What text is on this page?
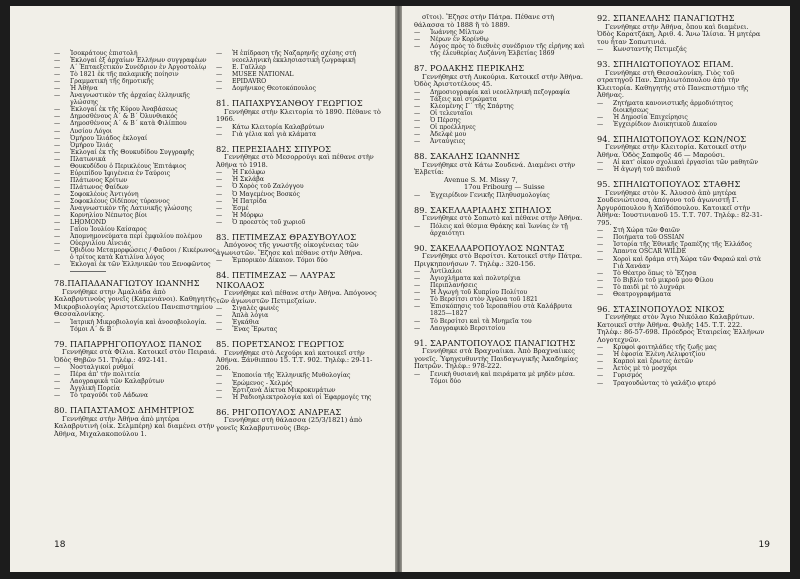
— Ἰσοκράτους ἐπιστολή
— Ἐκλογαί ἐξ ἀρχαίων Ἑλλήνων συγγραφέων
— Α΄ Ἐπταεξετικόν Συνέδριον ἐν Ἀργοστολίῳ
— Τὸ 1821 ἐκ τῆς παλαμικῆς ποίησιν
— Γραμματικὴ τῆς δημοτικῆς
— Ἡ Ἀθήνα
— Ἀναγνωστικὸν τῆς ἀρχαίας ἑλληνικῆς γλώσσης
— Ἐκλογαί ἐκ τῆς Κύρου Ἀναβάσεως
— Δημοσθένους Α΄ & Β΄ Ὀλυνθιακός
— Δημοσθένους Α΄ & Β΄ κατὰ Φιλίππου
— Λυσίου Λόγοι
— Ὁμήρου Ἰλιάδος ἐκλογαί
— Ὁμήρου Ἰλιάς
— Ἐκλογαί ἐκ τῆς Θουκυδίδου Συγγραφῆς
— Πλατωνικά
— Θουκυδίδου ὁ Περικλέους Ἐπιτάφιος
— Εὐριπίδου Ἰφιγένεια ἐν Ταύροις
— Πλάτωνος Κρίτων
— Πλάτωνος Φαίδων
— Σοφοκλέους Ἀντιγόνη
— Σοφοκλέους Οἰδίπους τύραννος
— Ἀναγνωστικὸν τῆς Λατινικῆς γλώσσης
— Κορνηλίου Νέπωτος βίοι
— LHOMOND
— Γαΐου Ἰουλίου Καίσαρος
— Ἀπομνημονεύματα περί ἐμφυλίου πολέμου
— Οὐεργιλίου Αἰνειάς
— Ὀβιδίου Μεταμορφώσεις / Φαῦσοι / Κικέρωνος ὁ τρίτος κατὰ Κατιλίνα λόγος
— Ἐκλογαί ἐκ τῶν Ἑλληνικῶν του Ξενοφῶντος
78.ΠΑΠΑΔΑΝΑΓΙΩΤΟΥ ΙΩΑΝΝΗΣ
Γεννήθηκε στην Ἀμαλιάδα ἀπὸ Καλαβρυτινοὺς γονεῖς (Καμενιάνοι). Καθηγητὴς Μικροβιολογίας Ἀριστοτελείου Πανεπιστημίου Θεσσαλονίκης.
— Ἰατρικὴ Μικροβιολογία καὶ ἀνοσοβιολογία. Τόμοι Α΄ & Β΄
79. ΠΑΠΑΡΡΗΓΟΠΟΥΛΟΣ ΠΑΝΟΣ
Γεννήθηκε στὰ Φίλια. Κατοικεῖ στὸν Πειραιά. Ὁδὸς Θηβῶν 51. Τηλέφ.: 492-141.
— Νοσταλγικοί ρυθμοί
— Πέρα ἀπ' τὴν πολιτεία
— Λαογραφικὰ τῶν Καλαβρύτων
— Ἀγγλικὴ Πορεία
— Τὸ τραγούδι τοῦ Λάδωνα
80. ΠΑΠΑΣΤΑΜΟΣ ΔΗΜΗΤΡΙΟΣ
Γεννήθηκε στὴν Ἀθήνα ἀπὸ μητέρα Καλαβρυτινὴ (οἰκ. Σελμπέρη) καὶ διαμένει στὴν Ἀθήνα, Μιχαλακοπούλου 1.
— Ἡ ἐπίδραση τῆς Ναζαρηνῆς σχέσης στὴ νεοελληνικὴ ἐκκλησιαστικὴ ζωγραφική
— Ε. Γαϊλλερ
— MUSEE NATIONAL
— EPIDAVRO
— Δομήνικος Θεοτοκόπουλος
81. ΠΑΠΑΧΡΥΣΑΝΘΟΥ ΓΕΩΡΓΙΟΣ
Γεννήθηκε στὴν Κλειτορία τὸ 1890. Πέθανε τὸ 1966.
— Κάτω Κλειτορία Καλαβρύτων
— Γιὰ γέλια καὶ γιὰ κλάματα
82. ΠΕΡΕΣΙΑΔΗΣ ΣΠΥΡΟΣ
Γεννήθηκε στὸ Μεσορρούγι καὶ πέθανε στὴν Ἀθήνα τὸ 1918.
— Ἡ Γκόλφω
— Ἡ Σκλάβα
— Ὁ Χορὸς τοῦ Ζαλόγγου
— Ὁ Μαγεμένος Βοσκός
— Ἡ Πατρίδα
— Ἐσμέ
— Ἡ Μόρφω
— Ὁ προεστὸς τοῦ χωριοῦ
83. ΠΕΤΙΜΕΖΑΣ ΘΡΑΣΥΒΟΥΛΟΣ
Ἀπόγονος τῆς γνωστῆς οἰκογένειας τῶν ἀγωνιστῶν. Ἔζησε καὶ πέθανε στὴν Ἀθήνα.
— Ἐμπορικὸν Δίκαιον. Τόμοι δύο
84. ΠΕΤΙΜΕΖΑΣ — ΛΑΥΡΑΣ ΝΙΚΟΛΑΟΣ
Γεννήθηκε καὶ πέθανε στὴν Ἀθήνα. Ἀπόγονος τῶν ἀγωνιστῶν Πετιμεζαίων.
— Σιγαλὲς φωνές
— Ἁπλὰ λόγια
— Ἐγκάθια
— Ἔνας Ἔρωτας
85. ΠΟΡΕΤΣΑΝΟΣ ΓΕΩΡΓΙΟΣ
Γεννήθηκε στὸ Λεχούρι καὶ κατοικεῖ στὴν Ἀθήνα. Ξάνθιππου 15. Τ.Τ. 902. Τηλέφ.: 29-11-206.
— Ἐποποιία τῆς Ἑλληνικῆς Μυθολογίας
— Ἐρώμενος - Χελμός
— Ἑρτιζανὰ Δίκτυα Μικροκυμάτων
— Ἡ Ραδιοηλεκτρολογία καὶ οἱ Ἐφαρμογές της
86. ΡΗΓΟΠΟΥΛΟΣ ΑΝΔΡΕΑΣ
Γεννήθηκε στὴ θάλασσα (25/3/1821) ἀπὸ γονεῖς Καλαβρυτινοὺς (Βερ-
18
σῖτοι). Ἔζησε στὴν Πάτρα. Πέθανε στὴ θάλασσα τὸ 1888 ἢ τὸ 1889.
— Ἰωάννης Μίλτων
— Νέρων ἐν Κορίνθῳ
— Λόγος πρὸς τὸ διεθνὲς συνέδριον τῆς εἰρήνης καὶ τῆς ἐλευθερίας Λυζάννη Ἑλβετίας 1869
87. ΡΟΔΑΚΗΣ ΠΕΡΙΚΛΗΣ
Γεννήθηκε στὴ Λυκούρια. Κατοικεῖ στὴν Ἀθήνα. Ὁδὸς Ἀριστοτέλους 45.
— Δημοσιογραφία καὶ νεοελληνικὴ πεζογραφία
— Τάξεις καὶ στρώματα
— Κλεομένης Γ΄ τῆς Σπάρτης
— Οἱ τελευταῖοι
— Ὁ Πέρσης
— Οἱ προέλληνες
— Ἀδελφὲ μου
— Ἀνταύγειες
88. ΣΑΚΑΛΗΣ ΙΩΑΝΝΗΣ
Γεννήθηκε στὰ Κάτω Σουδενά. Διαμένει στὴν Ἑλβετία:
Avenue S. M. Missy 7,
17ou Fribourg — Suisse
— Ἐγχειρίδιον Γενικῆς Πληθυσμολογίας
89. ΣΑΚΕΛΛΑΡΙΑΔΗΣ ΣΠΗΛΙΟΣ
Γεννήθηκε στὸ Σοπωτὸ καὶ πέθανε στὴν Ἀθήνα.
— Πόλεις καὶ θέσμια Θράκης καὶ Ἰωνίας ἐν τῇ ἀρχαιότητι
90. ΣΑΚΕΛΛΑΡΟΠΟΥΛΟΣ ΝΩΝΤΑΣ
Γεννήθηκε στὸ Βερσίτσι. Κατοικεῖ στὴν Πάτρα. Πριγκηπονήσων 7. Τηλέφ.: 320-156.
— Ἀντίλαλοι
— Ἀγιοχλήματα καὶ πολυτρίχια
— Περιπλανήσεις
— Ἡ Ἀγωγὴ τοῦ Κυπρίου Πολίτου
— Τὸ Βερσίτσι στὸν Ἀγῶνα τοῦ 1821
— Ἐπισκόπησις τοῦ Ἱεροπαθίου στὰ Καλάβρυτα 1825—1827
— Τὸ Βερσίτσι καὶ τὰ Μνημεῖα του
— Λαογραφικὸ Βερσιτσίου
91. ΣΑΡΑΝΤΟΠΟΥΛΟΣ ΠΑΝΑΓΙΩΤΗΣ
Γεννήθηκε στὰ Βραχναίικα. Ἀπὸ Βραχναίικες γονεῖς. Ὑφηγευθυντὴς Παιδαγωγικῆς Ἀκαδημίας Πατρῶν. Τηλέφ.: 978-222.
— Γενικὴ θυσιανὴ καὶ πειράματα μὲ μηδὲν μέσα. Τόμοι δύο
92. ΣΠΑΝΕΛΛΗΣ ΠΑΝΑΓΙΩΤΗΣ
Γεννήθηκε στὴν Ἀθήνα, ὅπου καὶ διαμένει. Ὁδὸς Καρατζάκη, Ἀριθ. 4. Ἄνω Ἰλίσια. Ἡ μητέρα του ἦταν Σοπωτινιά.
— Κωνσταντὴς Πετιμεζάς
93. ΣΠΗΛΙΩΤΟΠΟΥΛΟΣ ΕΠΑΜ.
Γεννήθηκε στὴ Θεσσαλονίκη. Γιὸς τοῦ στρατηγοῦ Παν. Σπηλιωτόπουλου ἀπὸ τὴν Κλειτορία. Καθηγητὴς στὸ Πανεπιστήμιο τῆς Ἀθήνας.
— Ζητήματα κανονιστικῆς ἀρμοδιότητος διοικήσεως
— Ἡ Δημοσία Ἐπιχείρησις
— Ἐγχειρίδιον Διοικητικοῦ Δικαίου
94. ΣΠΗΛΙΩΤΟΠΟΥΛΟΣ ΚΩΝ/ΝΟΣ
Γεννήθηκε στὴν Κλειτορία. Κατοικεῖ στὴν Ἀθήνα. Ὁδὸς Σαπφοῦς 46 — Μαρούσι.
— Αἱ κατ' οἶκον σχολικαὶ ἐργασίαι τῶν μαθητῶν
— Ἡ ἀγωγὴ τοῦ παιδιοῦ
95. ΣΠΗΛΙΩΤΟΠΟΥΛΟΣ ΣΤΑΘΗΣ
Γεννήθηκε στὸν Κ. Ἀλυσσὸ ἀπὸ μητέρα Σουδενιώτισσα, ἀπόγονο τοῦ ἀγωνιστῆ Γ. Ἀργυρόπουλου ἢ Χαϊδόπουλου. Κατοικεῖ στὴν Ἀθήνα: Ἰουστινιανοῦ 15. Τ.Τ. 707. Τηλέφ.: 82-31-795.
— Στὴ Χώρα τῶν Φαιῶν
— Ποιήματα τοῦ OSSIAN
— Ἱστορία τῆς Ἐθνικῆς Τραπέζης τῆς Ἑλλάδος
— Ἄπαντα OSCAR WILDE
— Χοροὶ καὶ δράμα στὴ Χώρα τῶν Φαραώ καὶ στὰ Γιὰ Χανάαν
— Τὸ Θέατρο ὅπως τὸ Ἔζησα
— Τὸ Βιβλίο τοῦ μικροῦ μου Φίλου
— Τὸ παιδὶ μὲ τὸ λυχνάρι
— Θεατρογραφήματα
96. ΣΤΑΣΙΝΟΠΟΥΛΟΣ ΝΙΚΟΣ
Γεννήθηκε στὸν Ἅγιο Νικόλαο Καλαβρύτων. Κατοικεῖ στὴν Ἀθήνα. Φυλῆς 145. Τ.Τ. 222. Τηλέφ.: 86-57-698. Πρόεδρος Ἑταιρείας Ἑλλήνων Λογοτεχνῶν.
— Κρυφοὶ φοιτηλάδες τῆς ζωῆς μας
— Ἡ ἐφοσία Ἐλένη Λελιφοτζίου
— Καρποὶ καὶ ἔρωτες ἀετῶν
— Ἀετὸς μὲ τὸ μοσχάρι
— Γυρισμός
— Τραγουδώντας τὸ γαλάζιο φτερό
19
